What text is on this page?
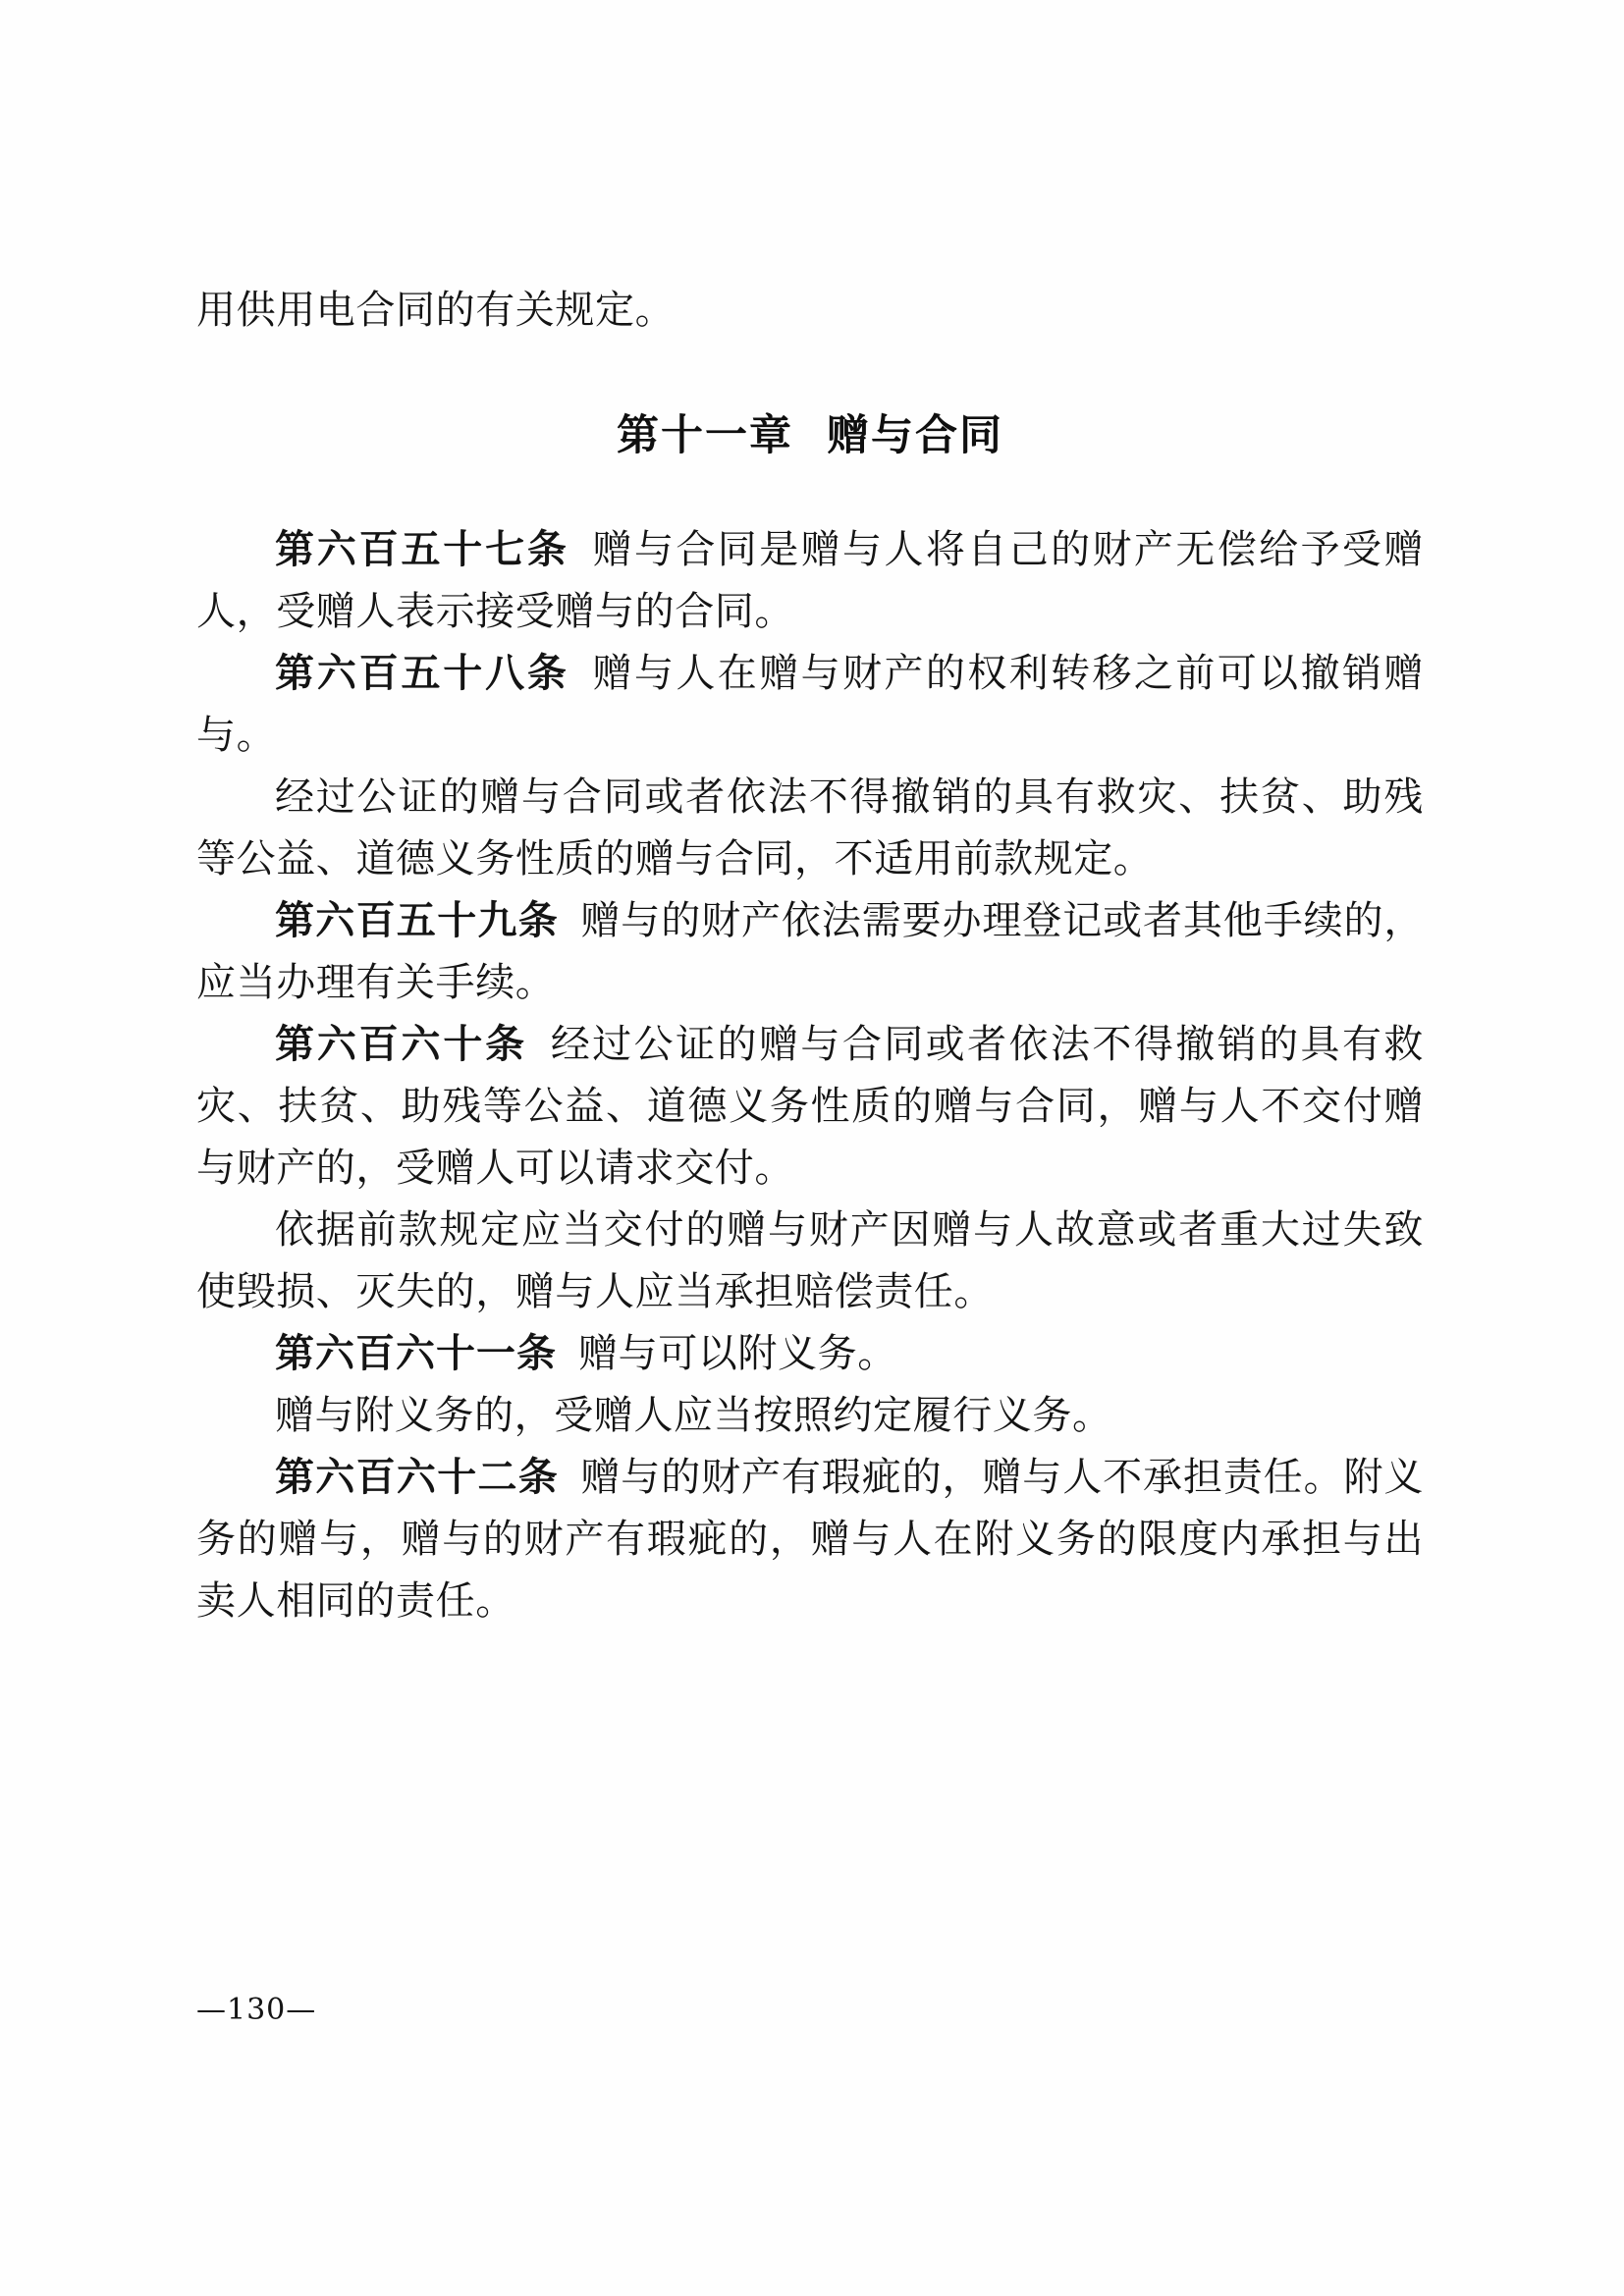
用供用电合同的有关规定。

第十一章 赠与合同

第六百五十七条 赠与合同是赠与人将自己的财产无偿给予受赠人，受赠人表示接受赠与的合同。

第六百五十八条 赠与人在赠与财产的权利转移之前可以撤销赠与。

经过公证的赠与合同或者依法不得撤销的具有救灾、扶贫、助残等公益、道德义务性质的赠与合同，不适用前款规定。

第六百五十九条 赠与的财产依法需要办理登记或者其他手续的，应当办理有关手续。

第六百六十条 经过公证的赠与合同或者依法不得撤销的具有救灾、扶贫、助残等公益、道德义务性质的赠与合同，赠与人不交付赠与财产的，受赠人可以请求交付。

依据前款规定应当交付的赠与财产因赠与人故意或者重大过失致使毁损、灭失的，赠与人应当承担赔偿责任。

第六百六十一条 赠与可以附义务。

赠与附义务的，受赠人应当按照约定履行义务。

第六百六十二条 赠与的财产有瑕疵的，赠与人不承担责任。附义务的赠与，赠与的财产有瑕疵的，赠与人在附义务的限度内承担与出卖人相同的责任。

—130—
